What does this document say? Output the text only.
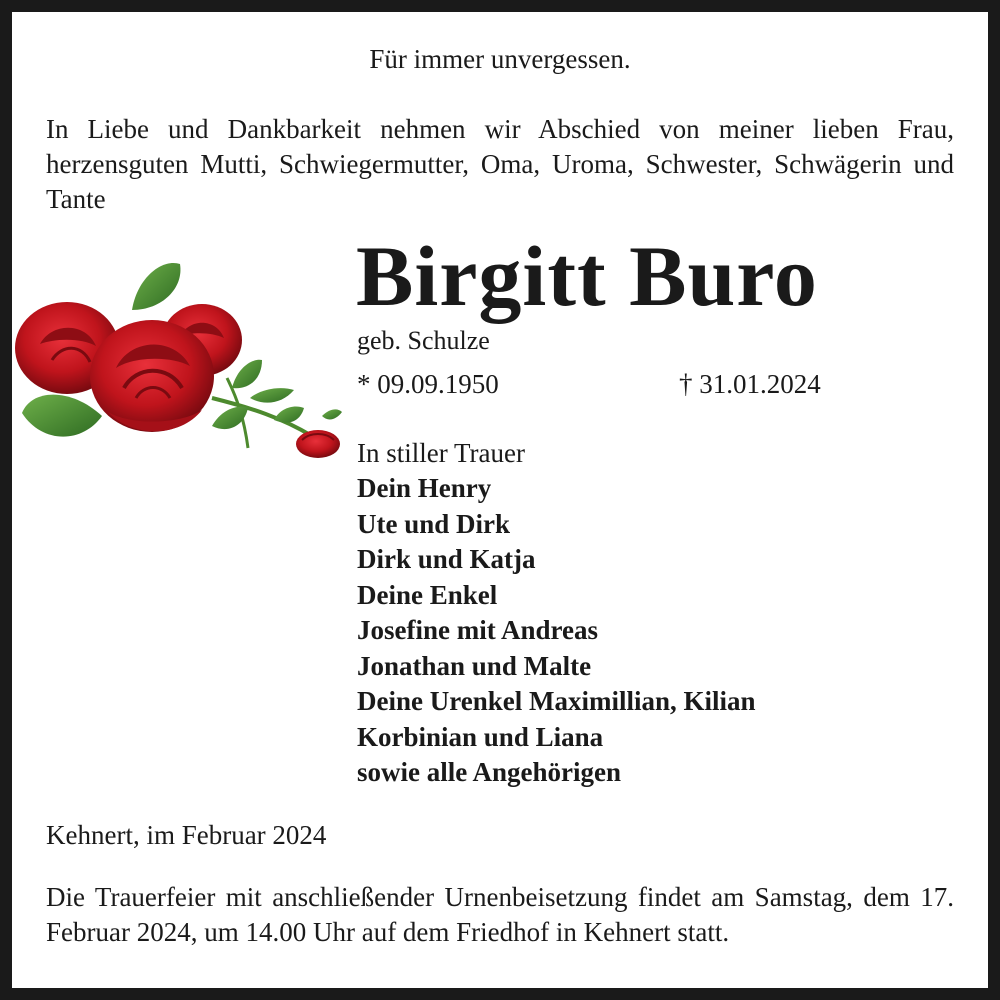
Für immer unvergessen.
In Liebe und Dankbarkeit nehmen wir Abschied von meiner lieben Frau, herzensguten Mutti, Schwiegermutter, Oma, Uroma, Schwester, Schwägerin und Tante
Birgitt Buro
geb. Schulze
* 09.09.1950	† 31.01.2024
In stiller Trauer
Dein Henry
Ute und Dirk
Dirk und Katja
Deine Enkel
Josefine mit Andreas
Jonathan und Malte
Deine Urenkel Maximillian, Kilian
Korbinian und Liana
sowie alle Angehörigen
Kehnert, im Februar 2024
Die Trauerfeier mit anschließender Urnenbeisetzung findet am Samstag, dem 17. Februar 2024, um 14.00 Uhr auf dem Friedhof in Kehnert statt.
